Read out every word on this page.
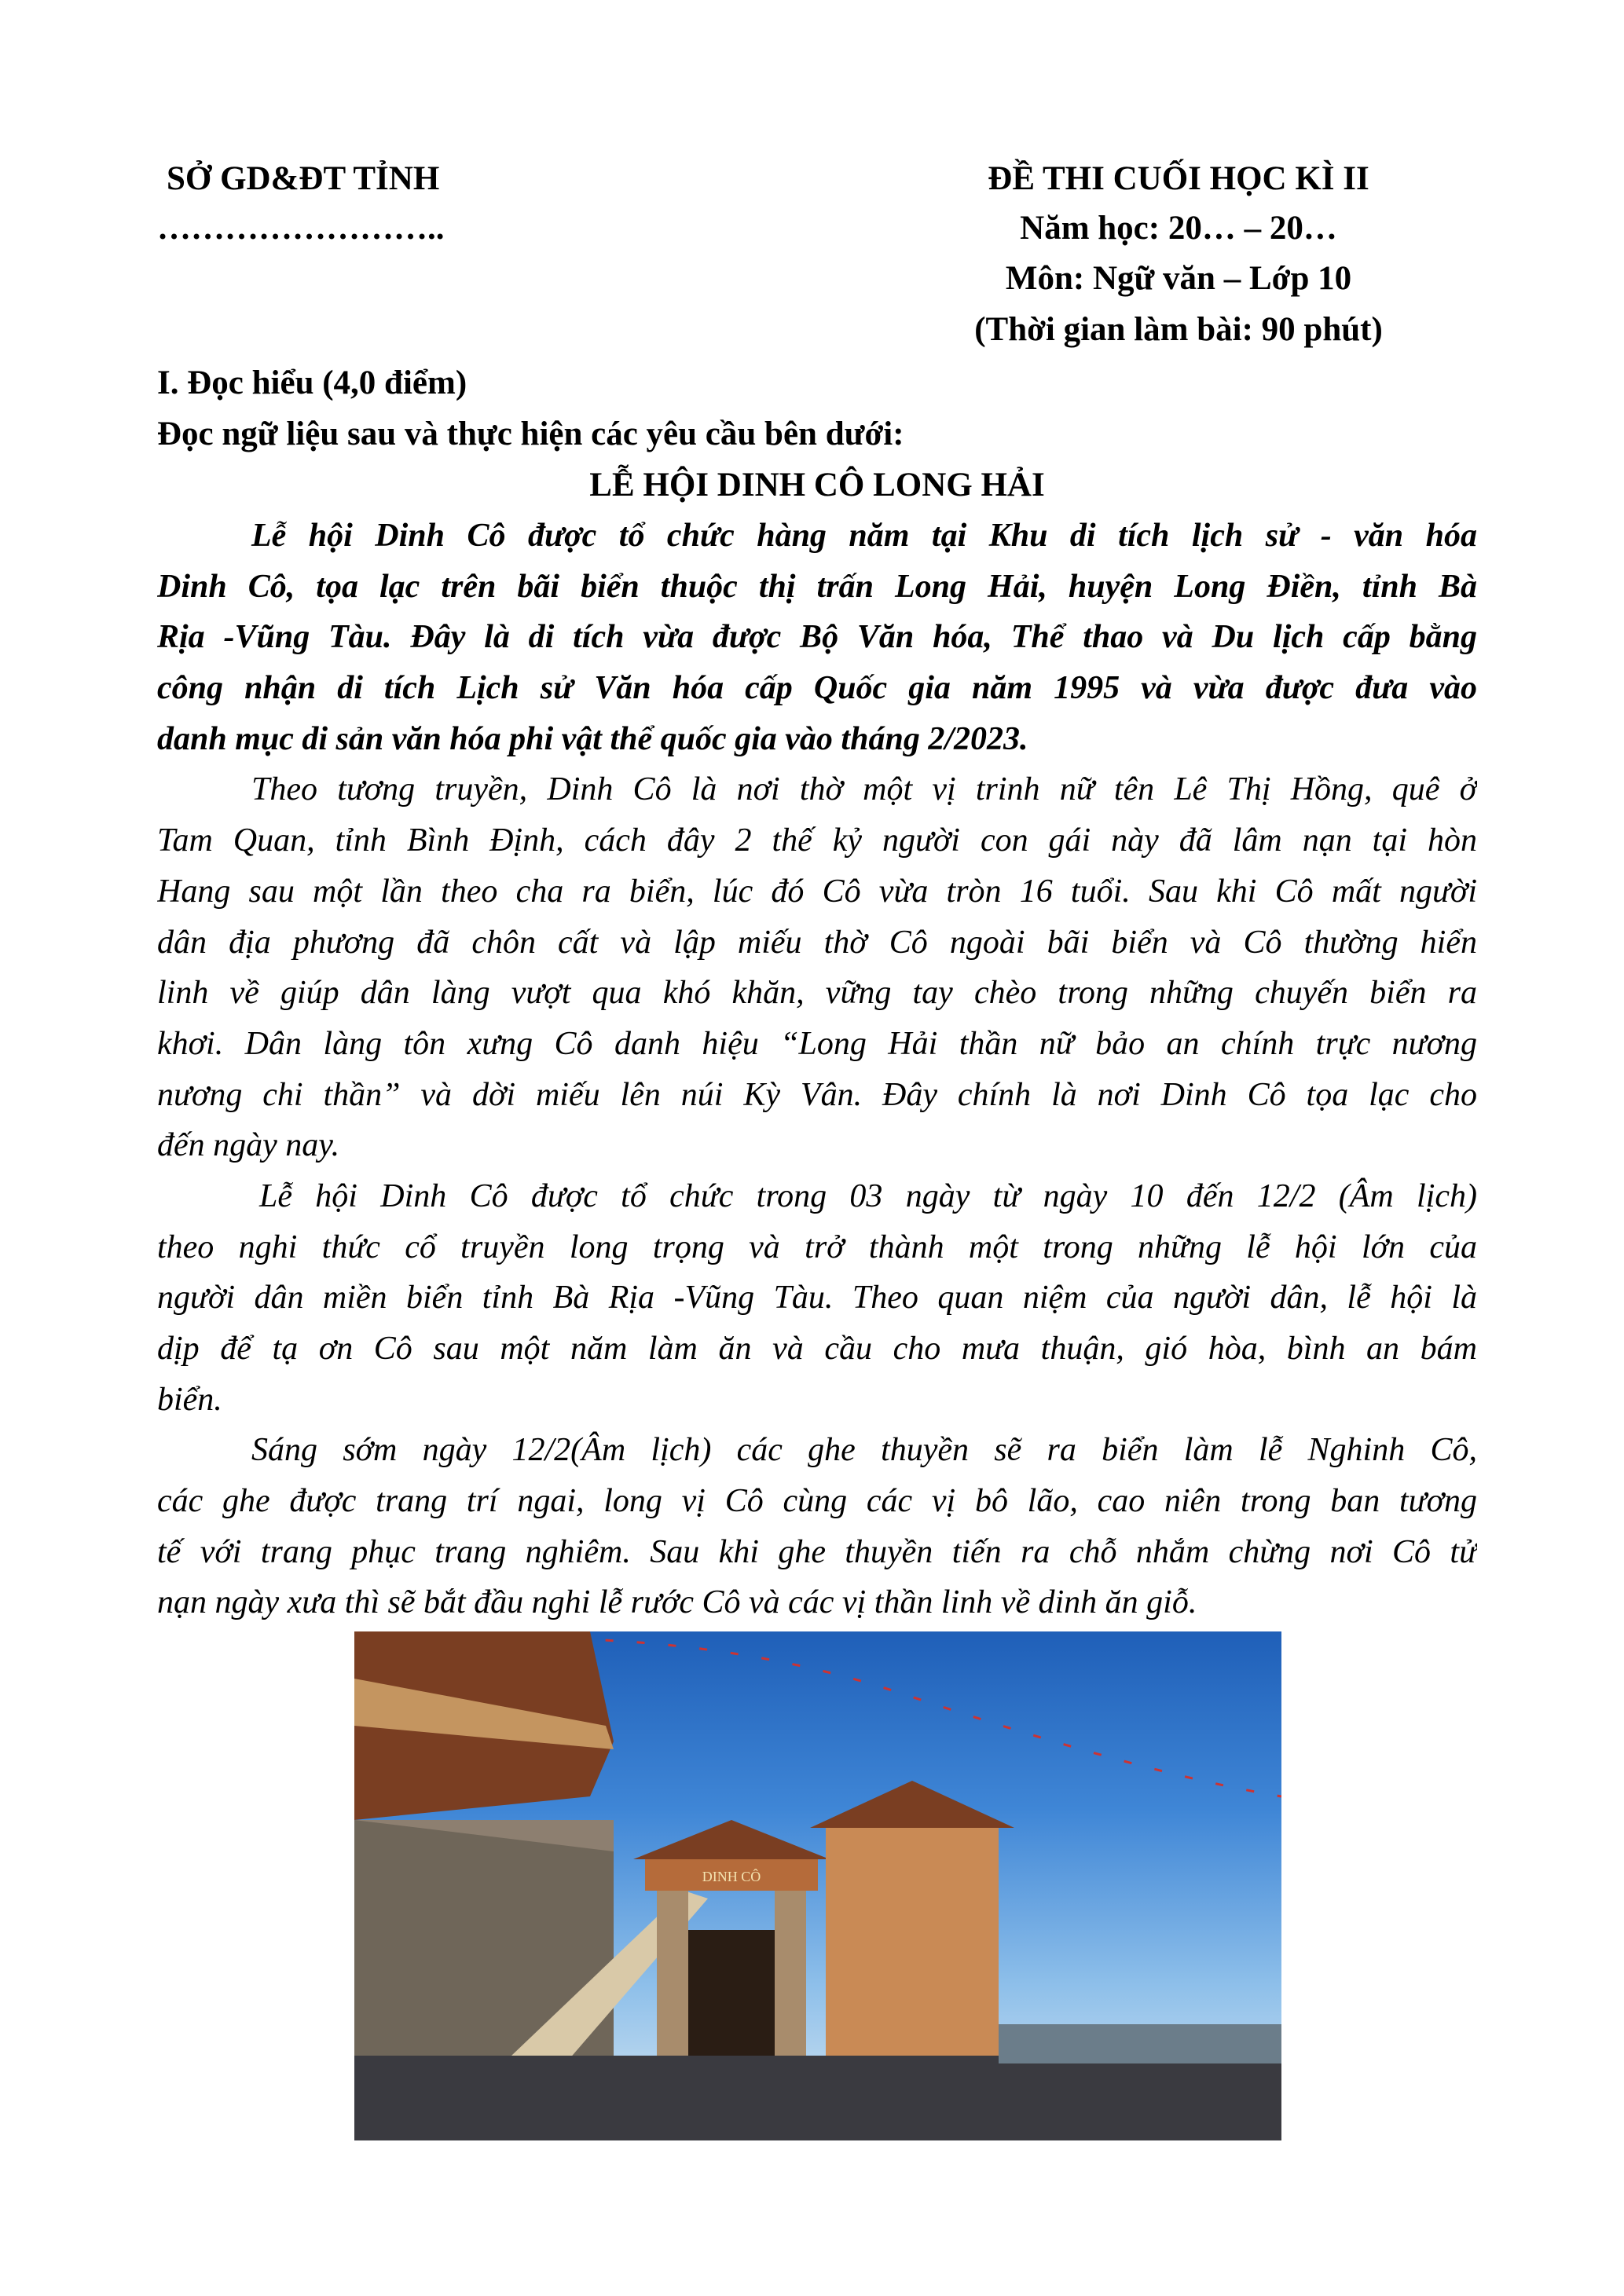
SỞ GD&ĐT TỈNH
……………………..
ĐỀ THI CUỐI HỌC KÌ II
Năm học: 20… – 20…
Môn: Ngữ văn – Lớp 10
(Thời gian làm bài: 90 phút)
I. Đọc hiểu (4,0 điểm)
Đọc ngữ liệu sau và thực hiện các yêu cầu bên dưới:
LỄ HỘI DINH CÔ LONG HẢI
Lễ hội Dinh Cô được tổ chức hàng năm tại Khu di tích lịch sử - văn hóa
Dinh Cô, tọa lạc trên bãi biển thuộc thị trấn Long Hải, huyện Long Điền, tỉnh Bà
Rịa -Vũng Tàu. Đây là di tích vừa được Bộ Văn hóa, Thể thao và Du lịch cấp bằng
công nhận di tích Lịch sử Văn hóa cấp Quốc gia năm 1995 và vừa được đưa vào
danh mục di sản văn hóa phi vật thể quốc gia vào tháng 2/2023.
Theo tương truyền, Dinh Cô là nơi thờ một vị trinh nữ tên Lê Thị Hồng, quê ở
Tam Quan, tỉnh Bình Định, cách đây 2 thế kỷ người con gái này đã lâm nạn tại hòn
Hang sau một lần theo cha ra biển, lúc đó Cô vừa tròn 16 tuổi. Sau khi Cô mất người
dân địa phương đã chôn cất và lập miếu thờ Cô ngoài bãi biển và Cô thường hiển
linh về giúp dân làng vượt qua khó khăn, vững tay chèo trong những chuyến biển ra
khơi. Dân làng tôn xưng Cô danh hiệu “Long Hải thần nữ bảo an chính trực nương
nương chi thần” và dời miếu lên núi Kỳ Vân. Đây chính là nơi Dinh Cô tọa lạc cho
đến ngày nay.
Lễ hội Dinh Cô được tổ chức trong 03 ngày từ ngày 10 đến 12/2 (Âm lịch)
theo nghi thức cổ truyền long trọng và trở thành một trong những lễ hội lớn của
người dân miền biển tỉnh Bà Rịa -Vũng Tàu. Theo quan niệm của người dân, lễ hội là
dịp để tạ ơn Cô sau một năm làm ăn và cầu cho mưa thuận, gió hòa, bình an bám
biển.
Sáng sớm ngày 12/2(Âm lịch) các ghe thuyền sẽ ra biển làm lễ Nghinh Cô,
các ghe được trang trí ngai, long vị Cô cùng các vị bô lão, cao niên trong ban tương
tế với trang phục trang nghiêm. Sau khi ghe thuyền tiến ra chỗ nhắm chừng nơi Cô tử
nạn ngày xưa thì sẽ bắt đầu nghi lễ rước Cô và các vị thần linh về dinh ăn giỗ.
DINH CÔ
